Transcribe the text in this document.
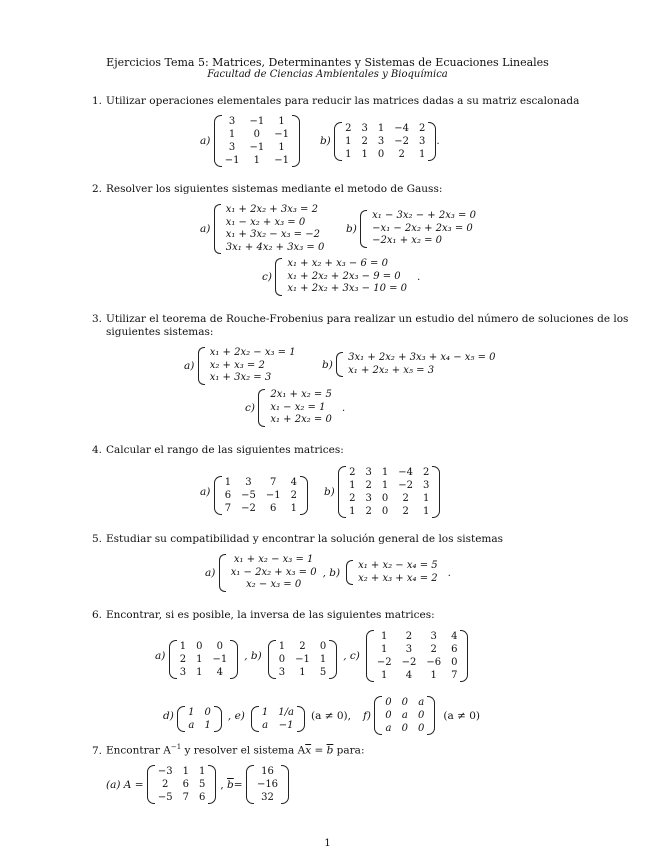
Ejercicios Tema 5: Matrices, Determinantes y Sistemas de Ecuaciones Lineales
Facultad de Ciencias Ambientales y Bioquímica
1. Utilizar operaciones elementales para reducir las matrices dadas a su matriz escalonada
a)

3	−1	1
1	0	−1
3	−1	1
−1	1	−1
b)

2 3 1 −4 2
1 2 3 −2 3
1 1 0	2	1
.
2. Resolver los siguientes sistemas mediante el metodo de Gauss:
a)

x₁ + 2x₂ + 3x₃ = 2
x₁ − x₂ + x₃ = 0
x₁ + 3x₂ − x₃ = −2
3x₁ + 4x₂ + 3x₃ = 0
b)

x₁ − 3x₂ − + 2x₃ = 0
−x₁ − 2x₂ + 2x₃ = 0
−2x₁ + x₂ = 0
c)

x₁ + x₂ + x₃ − 6 = 0
x₁ + 2x₂ + 2x₃ − 9 = 0
x₁ + 2x₂ + 3x₃ − 10 = 0
.
3. Utilizar el teorema de Rouche-Frobenius para realizar un estudio del número de soluciones de los
siguientes sistemas:
a)

x₁ + 2x₂ − x₃ = 1
x₂ + x₃ = 2
x₁ + 3x₂ = 3
b)

3x₁ + 2x₂ + 3x₃ + x₄ − x₅ = 0
x₁ + 2x₂ + x₅ = 3
c)

2x₁ + x₂ = 5
x₁ − x₂ = 1
x₁ + 2x₂ = 0
.
4. Calcular el rango de las siguientes matrices:
a)

1	3	7	4
6 −5 −1 2
7 −2	6	1
b)

2 3 1 −4 2
1 2 1 −2 3
2 3 0	2	1
1 2 0	2	1
5. Estudiar su compatibilidad y encontrar la solución general de los sistemas
a)

x₁ + x₂ − x₃ = 1
x₁ − 2x₂ + x₃ = 0
x₂ − x₃ = 0
, b)
x₁ + x₂ − x₄ = 5
x₂ + x₃ + x₄ = 2 .
6. Encontrar, si es posible, la inversa de las siguientes matrices:
a)

1 0	0
2 1 −1
3 1	4
, b)
1	2	0
0 −1 1
3	1	5
, c)
1	2	3	4
1	3	2	6
−2 −2 −6 0
1	4	1	7
d)
1 0
a 1
, e) 1 1/a
a −1
(a ≠ 0), f)

0 0 a
0 a 0
a 0 0
(a ≠ 0)
7. Encontrar $A^{-1}$ y resolver el sistema $A\overline{x} = \overline{b}$ para:
(a) A =

−3 1 1
2	6 5
−5 7 6
,
$\overline{b}$ =

16
−16
32
1
